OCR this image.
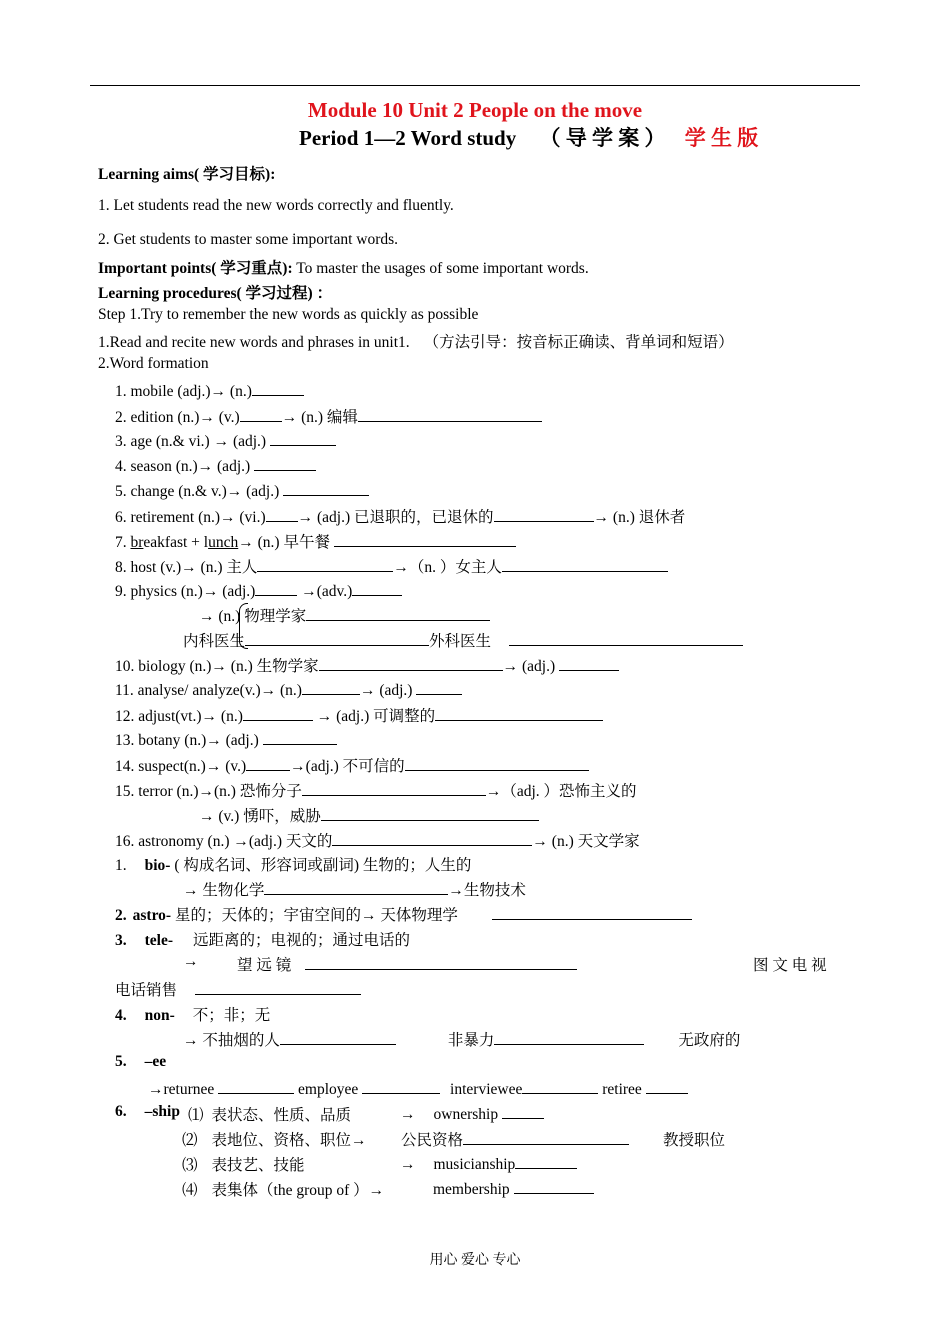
Module 10 Unit 2 People on the move
Period 1—2 Word study （ 导 学 案 ） 学 生 版
Learning aims( 学习目标):
1. Let students read the new words correctly and fluently.
2. Get students to master some important words.
Important points( 学习重点): To master the usages of some important words.
Learning procedures( 学习过程) ：
Step 1.Try to remember the new words as quickly as possible
1.Read and recite new words and phrases in unit1. （方法引导：按音标正确读、背单词和短语）
2.Word formation
1. mobile (adj.)→ (n.)
2. edition (n.)→ (v.)	→ (n.) 编辑
3. age (n.& vi.) → (adj.)
4. season (n.)→ (adj.)
5. change (n.& v.)→ (adj.)
6. retirement (n.)→ (vi.) → (adj.) 已退职的，已退休的	→ (n.) 退休者
7. breakfast + lunch→ (n.) 早午餐
8. host (v.)→ (n.) 主人	→（n. ）女主人
9. physics (n.)→ (adj.)	→(adv.)
→ (n.) 物理学家
内科医生	外科医生
10. biology (n.)→ (n.) 生物学家	→ (adj.)
11. analyse/ analyze(v.)→ (n.)	→ (adj.)
12. adjust(vt.)→ (n.)	→ (adj.) 可调整的
13. botany (n.)→ (adj.)
14. suspect(n.)→ (v.)	→(adj.) 不可信的
15. terror (n.)→(n.) 恐怖分子	→（adj. ）恐怖主义的
→ (v.) 愑吓，威胁
16. astronomy (n.) →(adj.) 天文的	→ (n.) 天文学家
1. bio- ( 构成名词、形容词或副词) 生物的；人生的
→ 生物化学	→生物技术
2. astro- 星的；天体的；宇宙空间的→ 天体物理学
3. tele- 远距离的；电视的；通过电话的
→ 望 远 镜	图 文 电 视
电话销售
4. non- 不；非；无
→ 不抽烟的人	非暴力	无政府的
5. –ee
→returnee	employee	interviewee	retiree
6. –ship ⑴ 表状态、性质、品质	→ ownership
⑵ 表地位、资格、职位→ 公民资格	教授职位
⑶ 表技艺、技能	→ musicianship
⑷ 表集体（the group of ）→	membership
用心 爱心 专心
